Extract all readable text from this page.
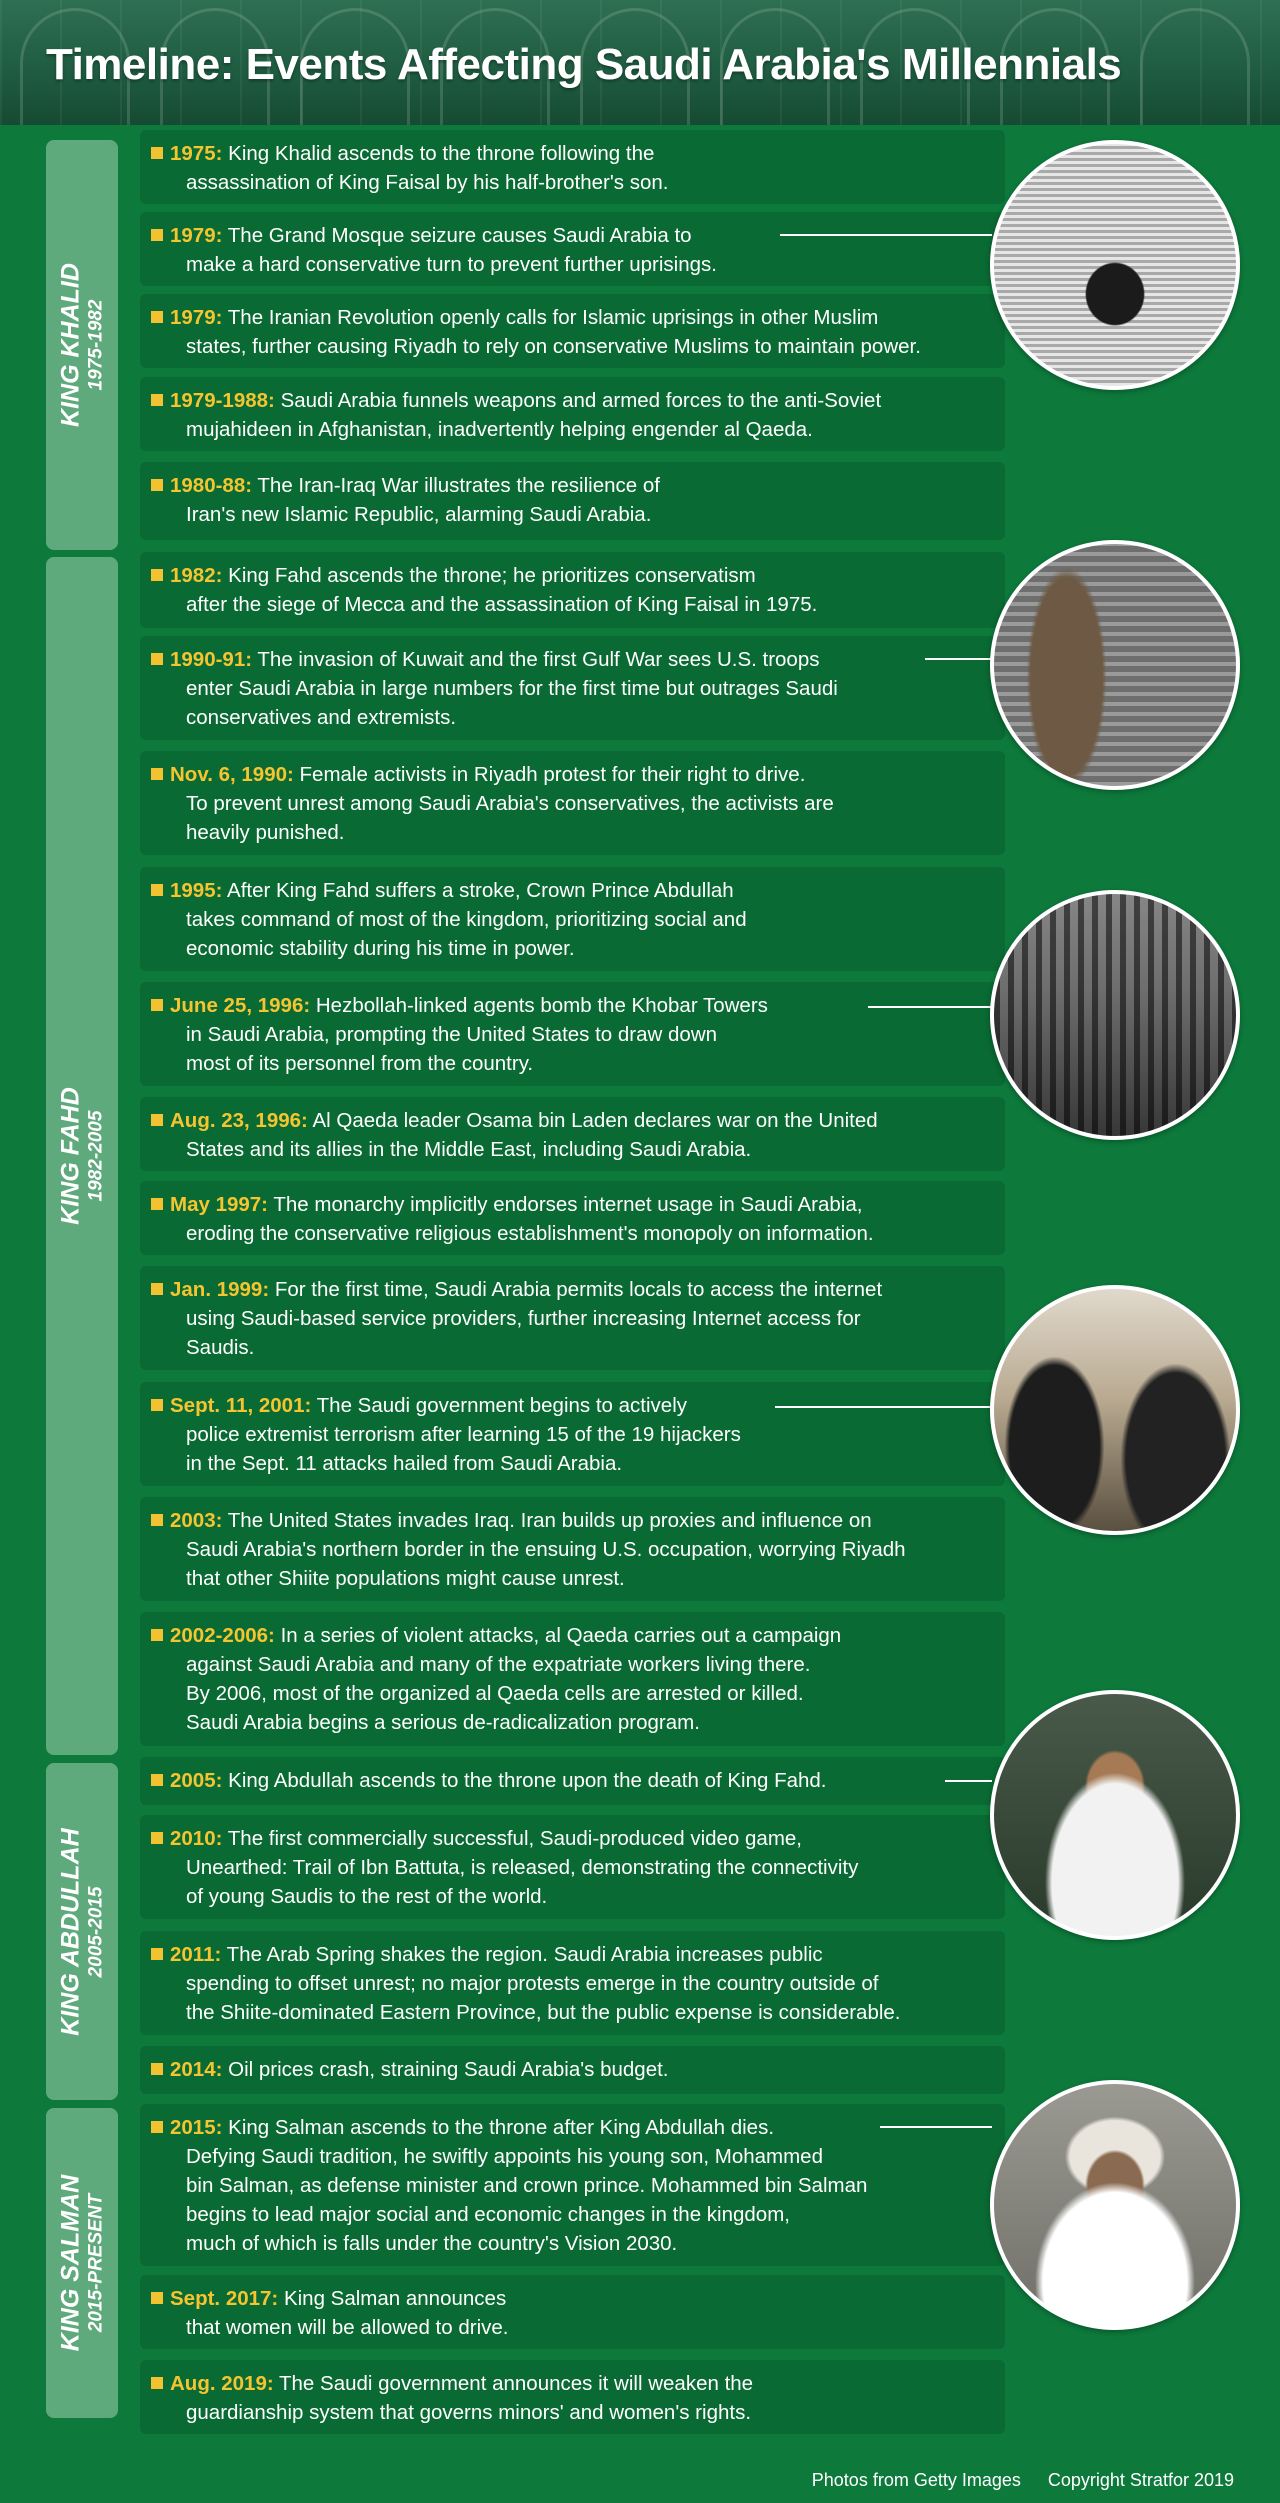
Timeline: Events Affecting Saudi Arabia's Millennials
KING KHALID 1975-1982
KING FAHD 1982-2005
KING ABDULLAH 2005-2015
KING SALMAN 2015-PRESENT
1975: King Khalid ascends to the throne following the
assassination of King Faisal by his half-brother's son.
1979: The Grand Mosque seizure causes Saudi Arabia to
make a hard conservative turn to prevent further uprisings.
1979: The Iranian Revolution openly calls for Islamic uprisings in other Muslim
states, further causing Riyadh to rely on conservative Muslims to maintain power.
1979-1988: Saudi Arabia funnels weapons and armed forces to the anti-Soviet
mujahideen in Afghanistan, inadvertently helping engender al Qaeda.
1980-88: The Iran-Iraq War illustrates the resilience of
Iran's new Islamic Republic, alarming Saudi Arabia.
1982: King Fahd ascends the throne; he prioritizes conservatism
after the siege of Mecca and the assassination of King Faisal in 1975.
1990-91: The invasion of Kuwait and the first Gulf War sees U.S. troops
enter Saudi Arabia in large numbers for the first time but outrages Saudi
conservatives and extremists.
Nov. 6, 1990: Female activists in Riyadh protest for their right to drive.
To prevent unrest among Saudi Arabia's conservatives, the activists are
heavily punished.
1995: After King Fahd suffers a stroke, Crown Prince Abdullah
takes command of most of the kingdom, prioritizing social and
economic stability during his time in power.
June 25, 1996: Hezbollah-linked agents bomb the Khobar Towers
in Saudi Arabia, prompting the United States to draw down
most of its personnel from the country.
Aug. 23, 1996: Al Qaeda leader Osama bin Laden declares war on the United
States and its allies in the Middle East, including Saudi Arabia.
May 1997: The monarchy implicitly endorses internet usage in Saudi Arabia,
eroding the conservative religious establishment's monopoly on information.
Jan. 1999: For the first time, Saudi Arabia permits locals to access the internet
using Saudi-based service providers, further increasing Internet access for
Saudis.
Sept. 11, 2001: The Saudi government begins to actively
police extremist terrorism after learning 15 of the 19 hijackers
in the Sept. 11 attacks hailed from Saudi Arabia.
2003: The United States invades Iraq. Iran builds up proxies and influence on
Saudi Arabia's northern border in the ensuing U.S. occupation, worrying Riyadh
that other Shiite populations might cause unrest.
2002-2006: In a series of violent attacks, al Qaeda carries out a campaign
against Saudi Arabia and many of the expatriate workers living there.
By 2006, most of the organized al Qaeda cells are arrested or killed.
Saudi Arabia begins a serious de-radicalization program.
2005: King Abdullah ascends to the throne upon the death of King Fahd.
2010: The first commercially successful, Saudi-produced video game,
Unearthed: Trail of Ibn Battuta, is released, demonstrating the connectivity
of young Saudis to the rest of the world.
2011: The Arab Spring shakes the region. Saudi Arabia increases public
spending to offset unrest; no major protests emerge in the country outside of
the Shiite-dominated Eastern Province, but the public expense is considerable.
2014: Oil prices crash, straining Saudi Arabia's budget.
2015: King Salman ascends to the throne after King Abdullah dies.
Defying Saudi tradition, he swiftly appoints his young son, Mohammed
bin Salman, as defense minister and crown prince. Mohammed bin Salman
begins to lead major social and economic changes in the kingdom,
much of which is falls under the country's Vision 2030.
Sept. 2017: King Salman announces
that women will be allowed to drive.
Aug. 2019: The Saudi government announces it will weaken the
guardianship system that governs minors' and women's rights.
Photos from Getty Images Copyright Stratfor 2019
